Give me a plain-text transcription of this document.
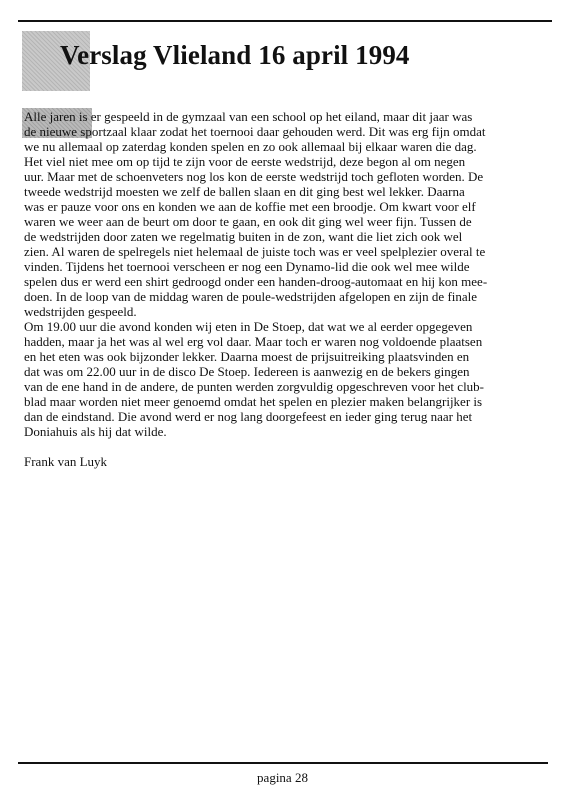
Verslag Vlieland 16 april 1994
Alle jaren is er gespeeld in de gymzaal van een school op het eiland, maar dit jaar was
de nieuwe sportzaal klaar zodat het toernooi daar gehouden werd. Dit was erg fijn omdat
we nu allemaal op zaterdag konden spelen en zo ook allemaal bij elkaar waren die dag.
Het viel niet mee om op tijd te zijn voor de eerste wedstrijd, deze begon al om negen
uur. Maar met de schoenveters nog los kon de eerste wedstrijd toch gefloten worden. De
tweede wedstrijd moesten we zelf de ballen slaan en dit ging best wel lekker. Daarna
was er pauze voor ons en konden we aan de koffie met een broodje. Om kwart voor elf
waren we weer aan de beurt om door te gaan, en ook dit ging wel weer fijn. Tussen de
de wedstrijden door zaten we regelmatig buiten in de zon, want die liet zich ook wel
zien. Al waren de spelregels niet helemaal de juiste toch was er veel spelplezier overal te
vinden. Tijdens het toernooi verscheen er nog een Dynamo-lid die ook wel mee wilde
spelen dus er werd een shirt gedroogd onder een handen-droog-automaat en hij kon mee-
doen. In de loop van de middag waren de poule-wedstrijden afgelopen en zijn de finale
wedstrijden gespeeld.
Om 19.00 uur die avond konden wij eten in De Stoep, dat wat we al eerder opgegeven
hadden, maar ja het was al wel erg vol daar. Maar toch er waren nog voldoende plaatsen
en het eten was ook bijzonder lekker. Daarna moest de prijsuitreiking plaatsvinden en
dat was om 22.00 uur in de disco De Stoep. Iedereen is aanwezig en de bekers gingen
van de ene hand in de andere, de punten werden zorgvuldig opgeschreven voor het club-
blad maar worden niet meer genoemd omdat het spelen en plezier maken belangrijker is
dan de eindstand. Die avond werd er nog lang doorgefeest en ieder ging terug naar het
Doniahuis als hij dat wilde.

Frank van Luyk

pagina 28
